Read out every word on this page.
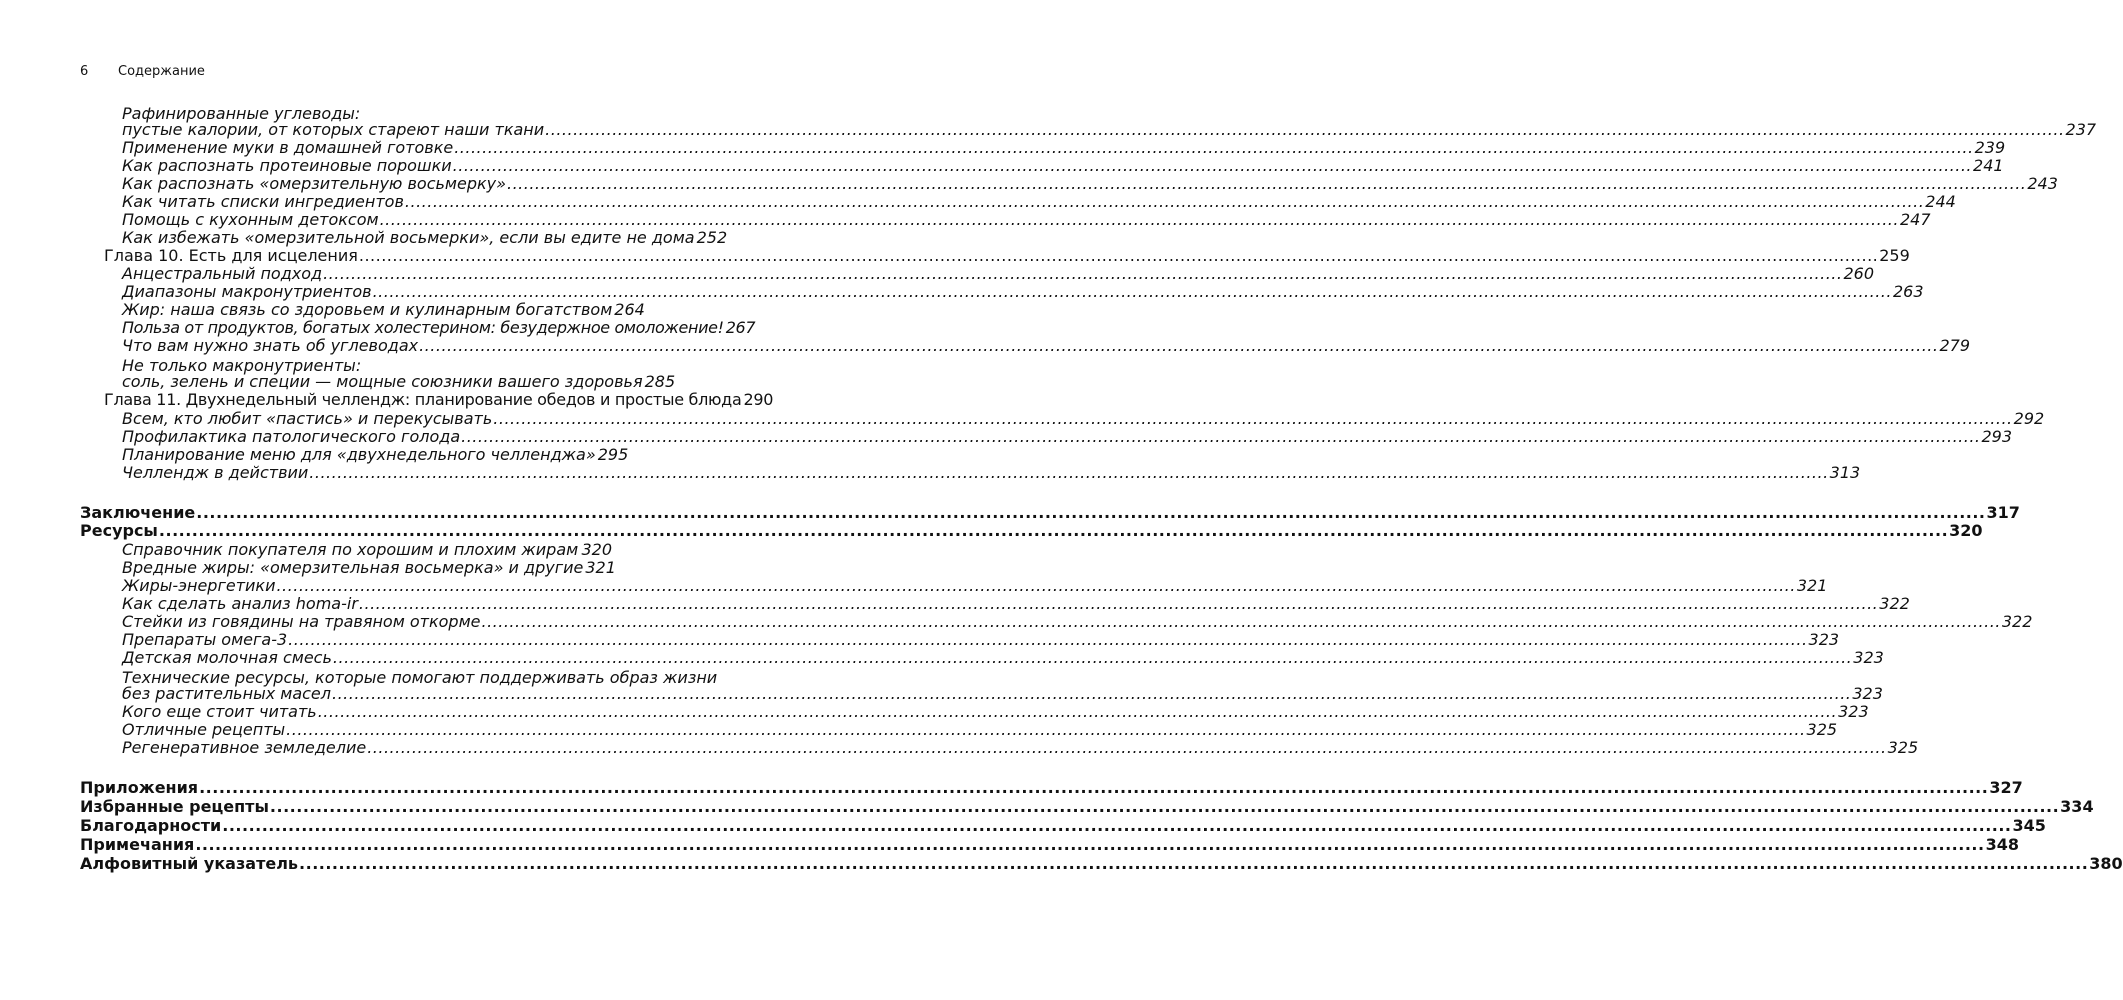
6 Содержание
Рафинированные углеводы:
пустые калории, от которых стареют наши ткани .....	237
Применение муки в домашней готовке .....	239
Как распознать протеиновые порошки .....	241
Как распознать «омерзительную восьмерку» .....	243
Как читать списки ингредиентов .....	244
Помощь с кухонным детоксом .....	247
Как избежать «омерзительной восьмерки», если вы едите не дома 252
Глава 10. Есть для исцеления .....	259
Анцестральный подход .....	260
Диапазоны макронутриентов .....	263
Жир: наша связь со здоровьем и кулинарным богатством 264
Польза от продуктов, богатых холестерином: безудержное омоложение! 267
Что вам нужно знать об углеводах .....	279
Не только макронутриенты:
соль, зелень и специи — мощные союзники вашего здоровья 285
Глава 11. Двухнедельный челлендж: планирование обедов и простые блюда 290
Всем, кто любит «пастись» и перекусывать .....	292
Профилактика патологического голода .....	293
Планирование меню для «двухнедельного челленджа» 295
Челлендж в действии .....	313
Заключение .....	317
Ресурсы .....	320
Справочник покупателя по хорошим и плохим жирам ..... 320
Вредные жиры: «омерзительная восьмерка» и другие 321
Жиры-энергетики .....	321
Как сделать анализ homa-ir .....	322
Стейки из говядины на травяном откорме .....	322
Препараты омега-3 .....	323
Детская молочная смесь .....	323
Технические ресурсы, которые помогают поддерживать образ жизни
без растительных масел .....	323
Кого еще стоит читать .....	323
Отличные рецепты .....	325
Регенеративное земледелие .....	325
Приложения .....	327
Избранные рецепты .....	334
Благодарности .....	345
Примечания .....	348
Алфовитный указатель .....	380
